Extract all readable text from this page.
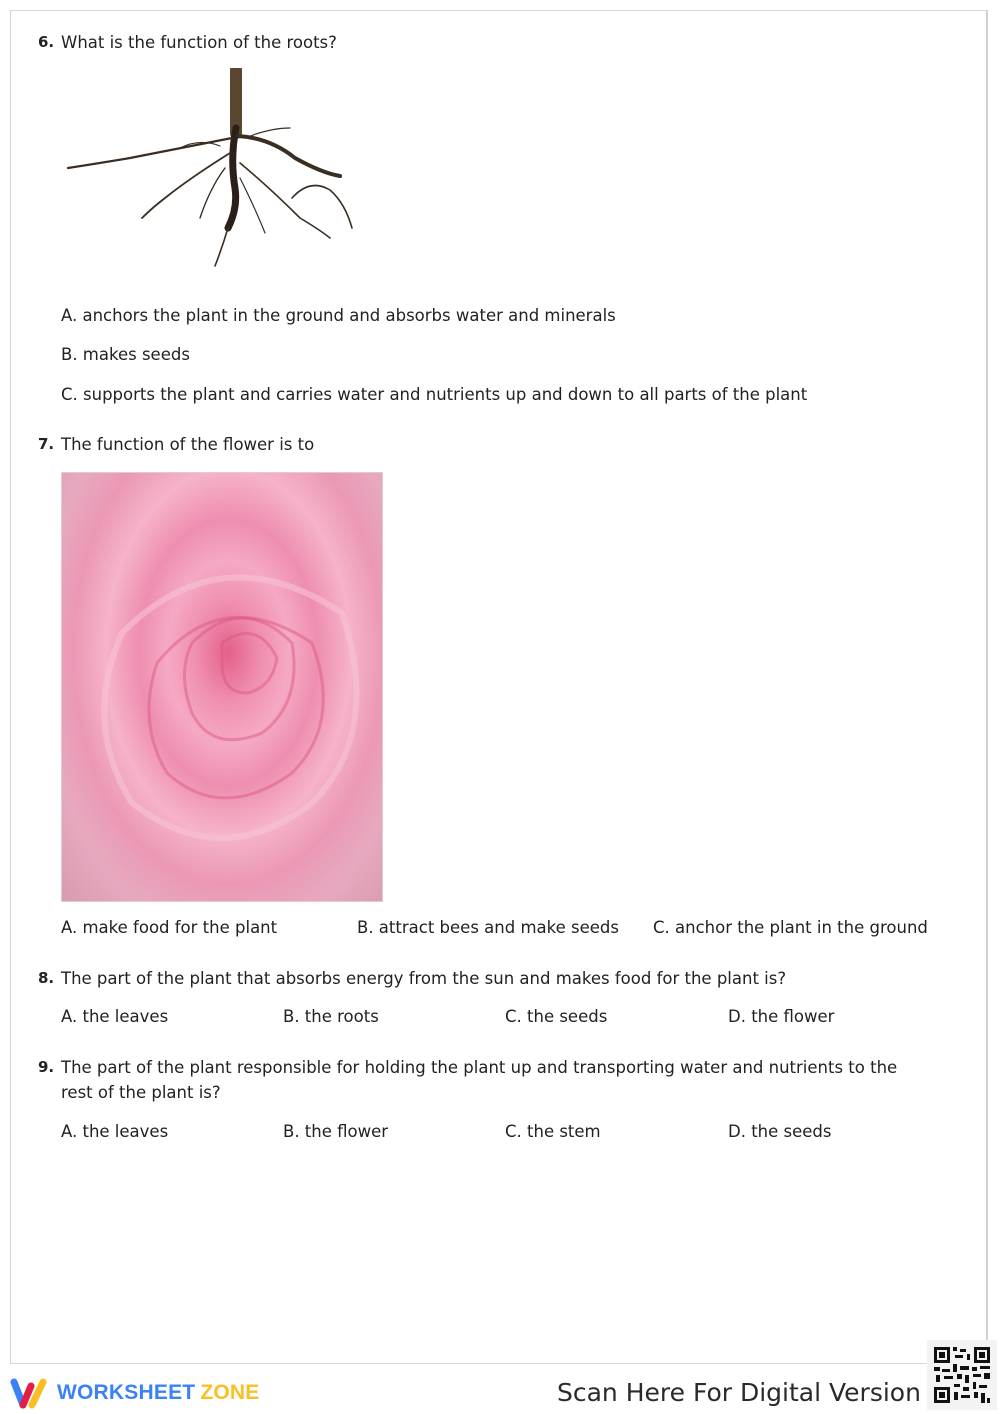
6. What is the function of the roots?
A. anchors the plant in the ground and absorbs water and minerals
B. makes seeds
C. supports the plant and carries water and nutrients up and down to all parts of the plant
7. The function of the flower is to
A. make food for the plant	B. attract bees and make seeds C. anchor the plant in the ground
8. The part of the plant that absorbs energy from the sun and makes food for the plant is?
A. the leaves	B. the roots	C. the seeds	D. the flower
9. The part of the plant responsible for holding the plant up and transporting water and nutrients to the rest of the plant is?
A. the leaves	B. the flower	C. the stem	D. the seeds
WORKSHEET ZONE	Scan Here For Digital Version
